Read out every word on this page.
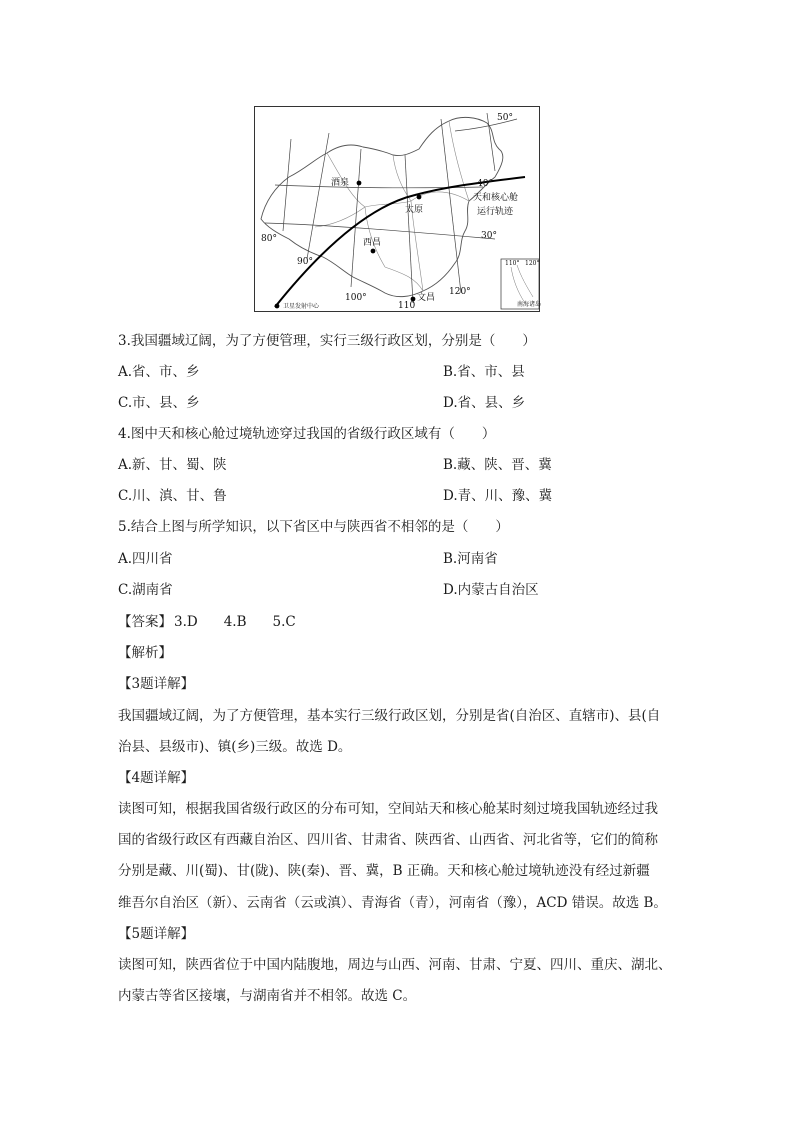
酒泉
太原
西昌
文昌
天和核心舱
运行轨迹
卫星发射中心
50°
40°
30°
80°
90°
100°
110
120°
110° 120°
南海诸岛
3.我国疆域辽阔，为了方便管理，实行三级行政区划，分别是（　　）
A.省、市、乡	B.省、市、县
C.市、县、乡	D.省、县、乡
4.图中天和核心舱过境轨迹穿过我国的省级行政区域有（　　）
A.新、甘、蜀、陕	B.藏、陕、晋、冀
C.川、滇、甘、鲁	D.青、川、豫、冀
5.结合上图与所学知识，以下省区中与陕西省不相邻的是（　　）
A.四川省	B.河南省
C.湖南省	D.内蒙古自治区
【答案】 3.D 4.B 5.C
【解析】
【3题详解】
我国疆域辽阔，为了方便管理，基本实行三级行政区划，分别是省(自治区、直辖市)、县(自
治县、县级市)、镇(乡)三级。故选 D。
【4题详解】
读图可知，根据我国省级行政区的分布可知，空间站天和核心舱某时刻过境我国轨迹经过我
国的省级行政区有西藏自治区、四川省、甘肃省、陕西省、山西省、河北省等，它们的简称
分别是藏、川(蜀)、甘(陇)、陕(秦)、晋、冀，B 正确。天和核心舱过境轨迹没有经过新疆
维吾尔自治区（新）、云南省（云或滇）、青海省（青），河南省（豫），ACD 错误。故选 B。
【5题详解】
读图可知，陕西省位于中国内陆腹地，周边与山西、河南、甘肃、宁夏、四川、重庆、湖北、
内蒙古等省区接壤，与湖南省并不相邻。故选 C。
